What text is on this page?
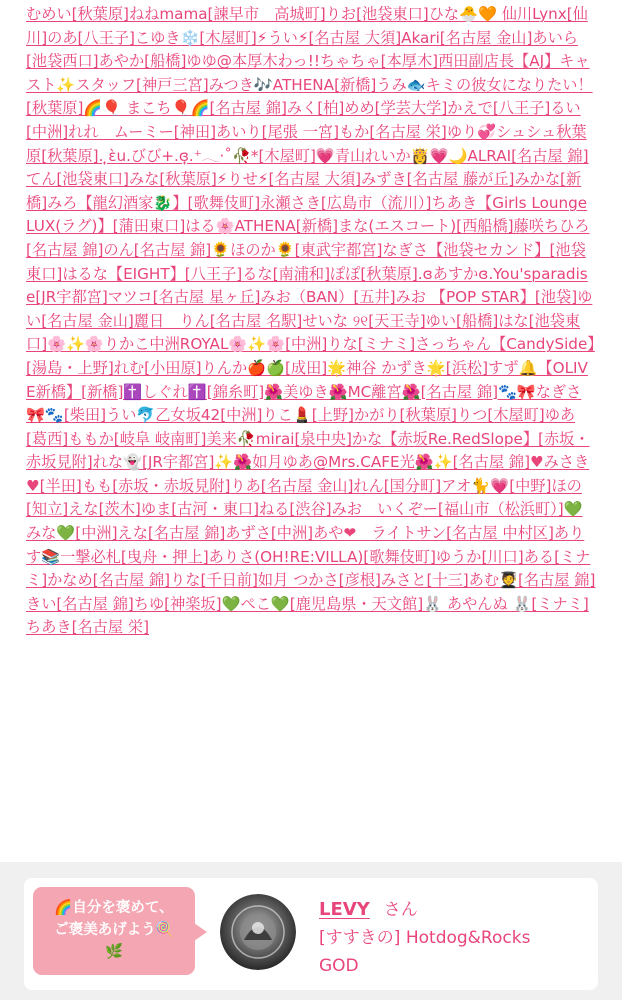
むめい[秋葉原]ねねmama[諫早市　高城町]りお[池袋東口]ひな🐣🧡 仙川Lynx[仙川]のあ[八王子]こゆき❄️[木屋町]⚡うい⚡[名古屋 大須]Akari[名古屋 金山]あいら[池袋西口]あやか[船橋]ゆゆ@本厚木わっ!!ちゃちゃ[本厚木]西田副店長【AJ】キャスト✨スタッフ[神戸三宮]みつき🎶ATHENA[新橋]うみ🐟キミの彼女になりたい！[秋葉原]🌈🎈 まこち🎈🌈[名古屋 錦]みく[柏]めめ[学芸大学]かえで[八王子]るい[中洲]れれ　ムーミー[神田]あいり[尾張 一宮]もか[名古屋 栄]ゆり💞シュシュ秋葉原[秋葉原]. ̟ɛ̀ս.びび+.ɞ̟.⁺𓂃·˚🥀*[木屋町]💗青山れいか👸💗🌙ALRAI[名古屋 錦]てん[池袋東口]みな[秋葉原]⚡りせ⚡[名古屋 大須]みずき[名古屋 藤が丘]みかな[新橋]みろ【龍幻酒家🐉】[歌舞伎町]永瀬さき[広島市（流川）]ちあき【Girls Lounge LUX(ラグ)】[蒲田東口]はる🌸ATHENA[新橋]まな(エスコート)[西船橋]藤咲ちひろ[名古屋 錦]のん[名古屋 錦]🌻ほのか🌻[東武宇都宮]なぎさ【池袋セカンド】[池袋東口]はるな【EIGHT】[八王子]るな[南浦和]ぽぽ[秋葉原].ɞあすかɞ.You'sparadise[JR宇都宮]マツコ[名古屋 星ヶ丘]みお（BAN）[五井]みお 【POP STAR】[池袋]ゆい[名古屋 金山]麗日　りん[名古屋 名駅]せいな ୨୧[天王寺]ゆい[船橋]はな[池袋東口]🌸✨🌸りかこ中洲ROYAL🌸✨🌸[中洲]りな[ミナミ]さっちゃん【CandySide】[湯島・上野]れむ[小田原]りんか🍎🍏[成田]🌟神谷 かずき🌟[浜松]すず🔔【OLIVE新橋】[新橋]✝️しぐれ✝️[錦糸町]🌺美ゆき🌺MC離宮🌺[名古屋 錦]🐾🎀なぎさ🎀🐾[柴田]うい🐬乙女坂42[中洲]りこ💄[上野]かがり[秋葉原]りつ[木屋町]ゆあ[葛西]ももか[岐阜 岐南町]美来🥀mirai[泉中央]かな【赤坂Re.RedSlope】[赤坂・赤坂見附]れな👻[JR宇都宮]✨🌺如月ゆあ@Mrs.CAFE光🌺✨[名古屋 錦]♥みさき♥[半田]もも[赤坂・赤坂見附]りあ[名古屋 金山]れん[国分町]アオ🐈💗[中野]ほの[知立]えな[茨木]ゆま[古河・東口]ねる[渋谷]みお　いくぞー[福山市（松浜町）]💚みな💚[中洲]えな[名古屋 錦]あずさ[中洲]あや❤　ライトサン[名古屋 中村区]ありす📚一撃必札[曳舟・押上]ありさ(OH!RE:VILLA)[歌舞伎町]ゆうか[川口]ある[ミナミ]かなめ[名古屋 錦]りな[千日前]如月 つかさ[彦根]みさと[十三]あむ🧑‍🎓[名古屋 錦]きい[名古屋 錦]ちゆ[神楽坂]💚ぺこ💚[鹿児島県・天文館]🐰 あやんぬ 🐰[ミナミ]ちあき[名古屋 栄]
🌈自分を褒めて、
ご褒美あげよう🍭
🌿
LEVY さん
[すすきの] Hotdog&Rocks
GOD
